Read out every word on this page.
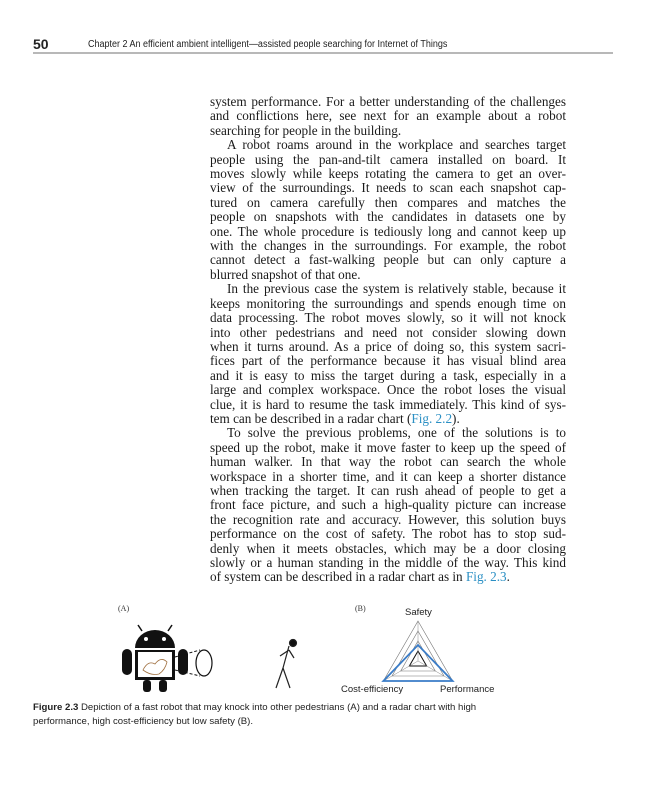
50	Chapter 2 An efficient ambient intelligent—assisted people searching for Internet of Things
system performance. For a better understanding of the challenges
and conflictions here, see next for an example about a robot
searching for people in the building.
A robot roams around in the workplace and searches target
people using the pan-and-tilt camera installed on board. It
moves slowly while keeps rotating the camera to get an over-
view of the surroundings. It needs to scan each snapshot cap-
tured on camera carefully then compares and matches the
people on snapshots with the candidates in datasets one by
one. The whole procedure is tediously long and cannot keep up
with the changes in the surroundings. For example, the robot
cannot detect a fast-walking people but can only capture a
blurred snapshot of that one.
In the previous case the system is relatively stable, because it
keeps monitoring the surroundings and spends enough time on
data processing. The robot moves slowly, so it will not knock
into other pedestrians and need not consider slowing down
when it turns around. As a price of doing so, this system sacri-
fices part of the performance because it has visual blind area
and it is easy to miss the target during a task, especially in a
large and complex workspace. Once the robot loses the visual
clue, it is hard to resume the task immediately. This kind of sys-
tem can be described in a radar chart (Fig. 2.2).
To solve the previous problems, one of the solutions is to
speed up the robot, make it move faster to keep up the speed of
human walker. In that way the robot can search the whole
workspace in a shorter time, and it can keep a shorter distance
when tracking the target. It can rush ahead of people to get a
front face picture, and such a high-quality picture can increase
the recognition rate and accuracy. However, this solution buys
performance on the cost of safety. The robot has to stop sud-
denly when it meets obstacles, which may be a door closing
slowly or a human standing in the middle of the way. This kind
of system can be described in a radar chart as in Fig. 2.3.
(A)	(B)	Safety
Performance
Cost-efficiency
Figure 2.3 Depiction of a fast robot that may knock into other pedestrians (A) and a radar chart with high performance, high cost-efficiency but low safety (B).
